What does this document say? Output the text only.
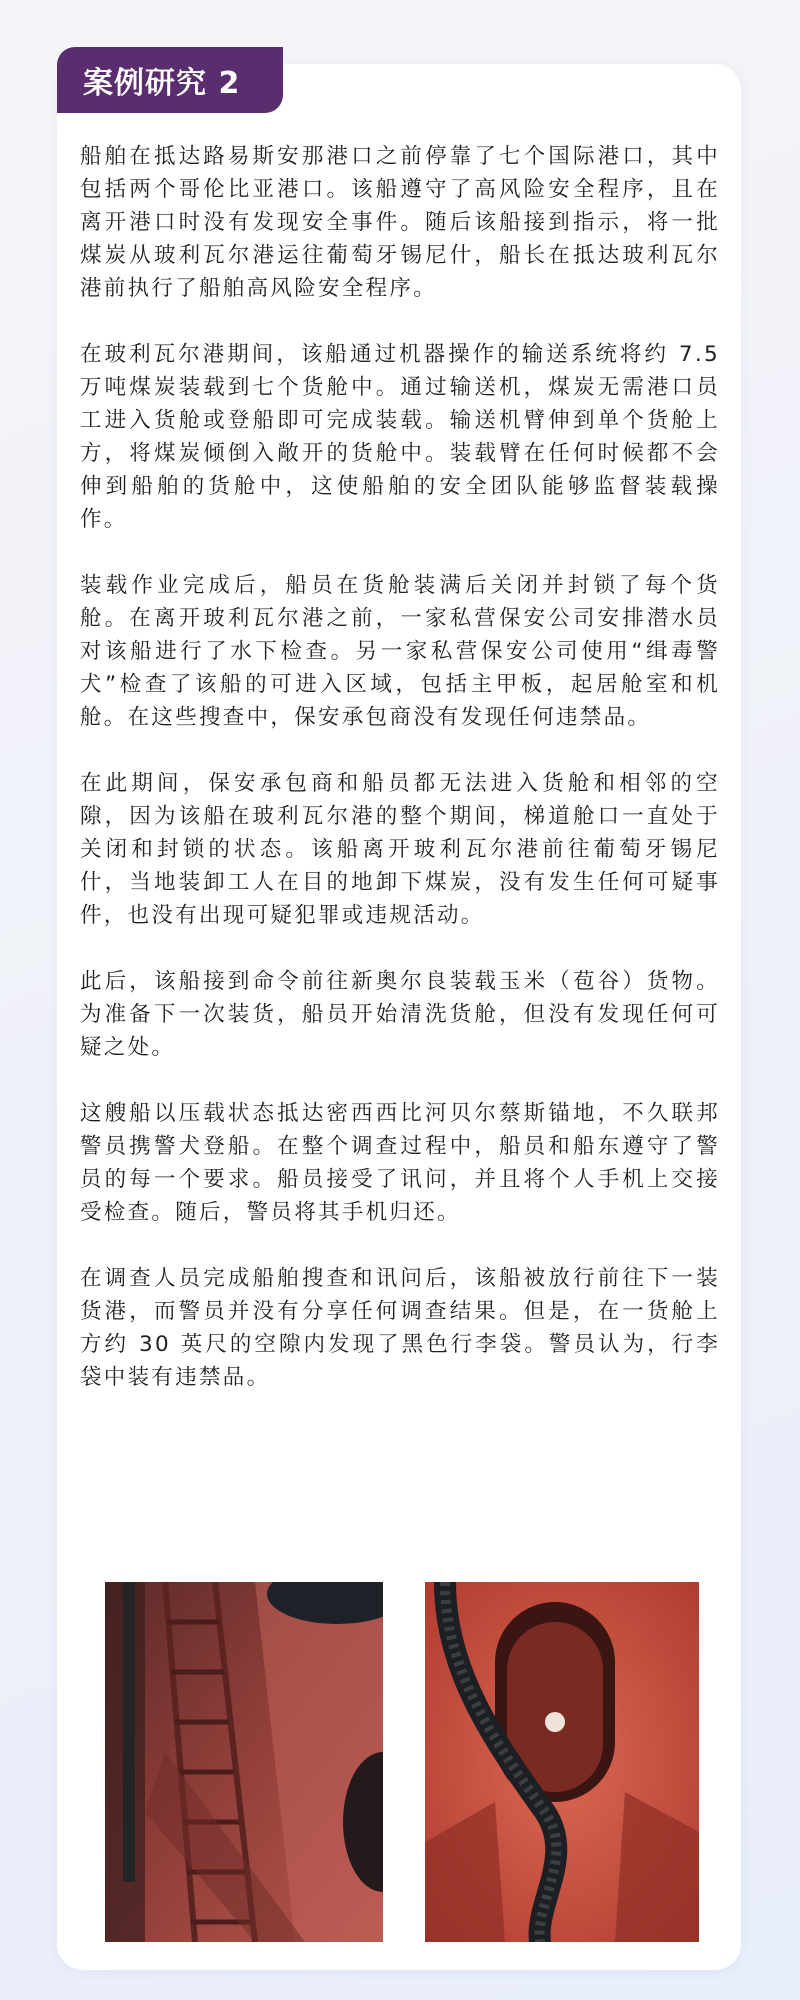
案例研究 2

船舶在抵达路易斯安那港口之前停靠了七个国际港口，其中包括两个哥伦比亚港口。该船遵守了高风险安全程序，且在离开港口时没有发现安全事件。随后该船接到指示，将一批煤炭从玻利瓦尔港运往葡萄牙锡尼什，船长在抵达玻利瓦尔港前执行了船舶高风险安全程序。

在玻利瓦尔港期间，该船通过机器操作的输送系统将约 7.5 万吨煤炭装载到七个货舱中。通过输送机，煤炭无需港口员工进入货舱或登船即可完成装载。输送机臂伸到单个货舱上方，将煤炭倾倒入敞开的货舱中。装载臂在任何时候都不会伸到船舶的货舱中，这使船舶的安全团队能够监督装载操作。

装载作业完成后，船员在货舱装满后关闭并封锁了每个货舱。在离开玻利瓦尔港之前，一家私营保安公司安排潜水员对该船进行了水下检查。另一家私营保安公司使用“缉毒警犬”检查了该船的可进入区域，包括主甲板，起居舱室和机舱。在这些搜查中，保安承包商没有发现任何违禁品。

在此期间，保安承包商和船员都无法进入货舱和相邻的空隙，因为该船在玻利瓦尔港的整个期间，梯道舱口一直处于关闭和封锁的状态。该船离开玻利瓦尔港前往葡萄牙锡尼什，当地装卸工人在目的地卸下煤炭，没有发生任何可疑事件，也没有出现可疑犯罪或违规活动。

此后，该船接到命令前往新奥尔良装载玉米（苞谷）货物。为准备下一次装货，船员开始清洗货舱，但没有发现任何可疑之处。

这艘船以压载状态抵达密西西比河贝尔蔡斯锚地，不久联邦警员携警犬登船。在整个调查过程中，船员和船东遵守了警员的每一个要求。船员接受了讯问，并且将个人手机上交接受检查。随后，警员将其手机归还。

在调查人员完成船舶搜查和讯问后，该船被放行前往下一装货港，而警员并没有分享任何调查结果。但是，在一货舱上方约 30 英尺的空隙内发现了黑色行李袋。警员认为，行李袋中装有违禁品。
